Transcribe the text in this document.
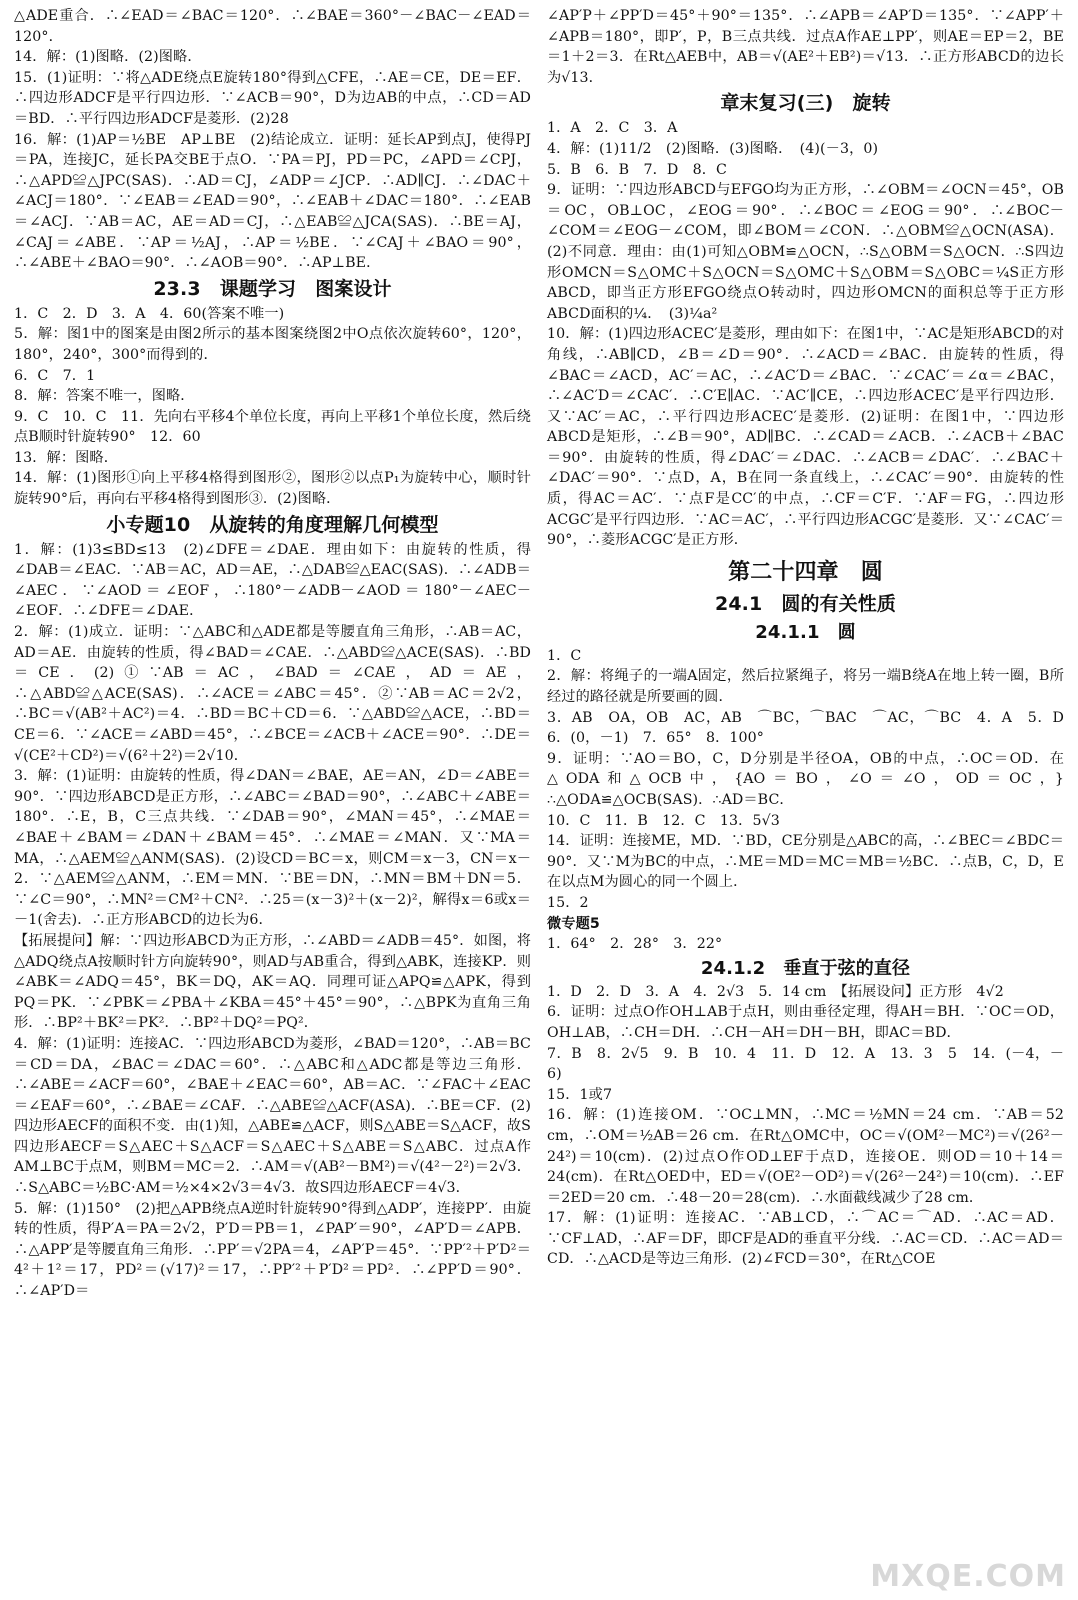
△ADE重合．∴∠EAD＝∠BAC＝120°．∴∠BAE＝360°－∠BAC－∠EAD＝120°．

14．解：(1)图略．(2)图略．

15．(1)证明：∵将△ADE绕点E旋转180°得到△CFE，∴AE＝CE，DE＝EF．∴四边形ADCF是平行四边形．∵∠ACB＝90°，D为边AB的中点，∴CD＝AD＝BD．∴平行四边形ADCF是菱形．(2)28

16．解：(1)AP＝½BE　AP⊥BE　(2)结论成立．证明：延长AP到点J，使得PJ＝PA，连接JC，延长PA交BE于点O．∵PA＝PJ，PD＝PC，∠APD＝∠CPJ，∴△APD≌△JPC(SAS)．∴AD＝CJ，∠ADP＝∠JCP．∴AD∥CJ．∴∠DAC＋∠ACJ＝180°．∵∠EAB＝∠EAD＝90°，∴∠EAB＋∠DAC＝180°．∴∠EAB＝∠ACJ．∵AB＝AC，AE＝AD＝CJ，∴△EAB≌△JCA(SAS)．∴BE＝AJ，∠CAJ＝∠ABE．∵AP＝½AJ，∴AP＝½BE．∵∠CAJ＋∠BAO＝90°，∴∠ABE＋∠BAO＝90°．∴∠AOB＝90°．∴AP⊥BE．

23.3　课题学习　图案设计

1．C　2．D　3．A　4．60(答案不唯一)

5．解：图1中的图案是由图2所示的基本图案绕图2中O点依次旋转60°，120°，180°，240°，300°而得到的．

6．C　7．1

8．解：答案不唯一，图略．

9．C　10．C　11．先向右平移4个单位长度，再向上平移1个单位长度，然后绕点B顺时针旋转90°　12．60

13．解：图略．

14．解：(1)图形①向上平移4格得到图形②，图形②以点P₁为旋转中心，顺时针旋转90°后，再向右平移4格得到图形③．(2)图略．

小专题10　从旋转的角度理解几何模型

1．解：(1)3≤BD≤13　(2)∠DFE＝∠DAE．理由如下：由旋转的性质，得∠DAB＝∠EAC．∵AB＝AC，AD＝AE，∴△DAB≌△EAC(SAS)．∴∠ADB＝∠AEC．∵∠AOD＝∠EOF，∴180°－∠ADB－∠AOD＝180°－∠AEC－∠EOF．∴∠DFE＝∠DAE．

2．解：(1)成立．证明：∵△ABC和△ADE都是等腰直角三角形，∴AB＝AC，AD＝AE．由旋转的性质，得∠BAD＝∠CAE．∴△ABD≌△ACE(SAS)．∴BD＝CE．(2)①∵AB＝AC，∠BAD＝∠CAE，AD＝AE，∴△ABD≌△ACE(SAS)．∴∠ACE＝∠ABC＝45°．②∵AB＝AC＝2√2，∴BC＝√(AB²＋AC²)＝4．∴BD＝BC＋CD＝6．∵△ABD≌△ACE，∴BD＝CE＝6．∵∠ACE＝∠ABD＝45°，∴∠BCE＝∠ACB＋∠ACE＝90°．∴DE＝√(CE²＋CD²)＝√(6²＋2²)＝2√10．

3．解：(1)证明：由旋转的性质，得∠DAN＝∠BAE，AE＝AN，∠D＝∠ABE＝90°．∵四边形ABCD是正方形，∴∠ABC＝∠BAD＝90°，∴∠ABC＋∠ABE＝180°．∴E，B，C三点共线．∵∠DAB＝90°，∠MAN＝45°，∴∠MAE＝∠BAE＋∠BAM＝∠DAN＋∠BAM＝45°．∴∠MAE＝∠MAN．又∵MA＝MA，∴△AEM≌△ANM(SAS)．(2)设CD＝BC＝x，则CM＝x－3，CN＝x－2．∵△AEM≌△ANM，∴EM＝MN．∵BE＝DN，∴MN＝BM＋DN＝5．∵∠C＝90°，∴MN²＝CM²＋CN²．∴25＝(x－3)²＋(x－2)²，解得x＝6或x＝－1(舍去)．∴正方形ABCD的边长为6．

【拓展提问】解：∵四边形ABCD为正方形，∴∠ABD＝∠ADB＝45°．如图，将△ADQ绕点A按顺时针方向旋转90°，则AD与AB重合，得到△ABK，连接KP．则∠ABK＝∠ADQ＝45°，BK＝DQ，AK＝AQ．同理可证△APQ≌△APK，得到PQ＝PK．∵∠PBK＝∠PBA＋∠KBA＝45°＋45°＝90°，∴△BPK为直角三角形．∴BP²＋BK²＝PK²．∴BP²＋DQ²＝PQ²．

4．解：(1)证明：连接AC．∵四边形ABCD为菱形，∠BAD＝120°，∴AB＝BC＝CD＝DA，∠BAC＝∠DAC＝60°．∴△ABC和△ADC都是等边三角形．∴∠ABE＝∠ACF＝60°，∠BAE＋∠EAC＝60°，AB＝AC．∵∠FAC＋∠EAC＝∠EAF＝60°，∴∠BAE＝∠CAF．∴△ABE≌△ACF(ASA)．∴BE＝CF．(2)四边形AECF的面积不变．由(1)知，△ABE≌△ACF，则S△ABE＝S△ACF，故S四边形AECF＝S△AEC＋S△ACF＝S△AEC＋S△ABE＝S△ABC．过点A作AM⊥BC于点M，则BM＝MC＝2．∴AM＝√(AB²－BM²)＝√(4²－2²)＝2√3．∴S△ABC＝½BC·AM＝½×4×2√3＝4√3．故S四边形AECF＝4√3．

5．解：(1)150°　(2)把△APB绕点A逆时针旋转90°得到△ADP′，连接PP′．由旋转的性质，得P′A＝PA＝2√2，P′D＝PB＝1，∠PAP′＝90°，∠AP′D＝∠APB．∴△APP′是等腰直角三角形．∴PP′＝√2PA＝4，∠AP′P＝45°．∵PP′²＋P′D²＝4²＋1²＝17，PD²＝(√17)²＝17，∴PP′²＋P′D²＝PD²．∴∠PP′D＝90°．∴∠AP′D＝

∠AP′P＋∠PP′D＝45°＋90°＝135°．∴∠APB＝∠AP′D＝135°．∵∠APP′＋∠APB＝180°，即P′，P，B三点共线．过点A作AE⊥PP′，则AE＝EP＝2，BE＝1＋2＝3．在Rt△AEB中，AB＝√(AE²＋EB²)＝√13．∴正方形ABCD的边长为√13．

章末复习(三)　旋转

1．A　2．C　3．A

4．解：(1)11/2　(2)图略．(3)图略．　(4)(－3，0)

5．B　6．B　7．D　8．C

9．证明：∵四边形ABCD与EFGO均为正方形，∴∠OBM＝∠OCN＝45°，OB＝OC，OB⊥OC，∠EOG＝90°．∴∠BOC＝∠EOG＝90°．∴∠BOC－∠COM＝∠EOG－∠COM，即∠BOM＝∠CON．∴△OBM≌△OCN(ASA)．(2)不同意．理由：由(1)可知△OBM≌△OCN，∴S△OBM＝S△OCN．∴S四边形OMCN＝S△OMC＋S△OCN＝S△OMC＋S△OBM＝S△OBC＝¼S正方形ABCD，即当正方形EFGO绕点O转动时，四边形OMCN的面积总等于正方形ABCD面积的¼．　(3)¼a²

10．解：(1)四边形ACEC′是菱形，理由如下：在图1中，∵AC是矩形ABCD的对角线，∴AB∥CD，∠B＝∠D＝90°．∴∠ACD＝∠BAC．由旋转的性质，得∠BAC＝∠ACD，AC′＝AC，∴∠AC′D＝∠BAC．∵∠CAC′＝∠α＝∠BAC，∴∠AC′D＝∠CAC′．∴C′E∥AC．∵AC′∥CE，∴四边形ACEC′是平行四边形．又∵AC′＝AC，∴平行四边形ACEC′是菱形．(2)证明：在图1中，∵四边形ABCD是矩形，∴∠B＝90°，AD∥BC．∴∠CAD＝∠ACB．∴∠ACB＋∠BAC＝90°．由旋转的性质，得∠DAC′＝∠DAC．∴∠ACB＝∠DAC′．∴∠BAC＋∠DAC′＝90°．∵点D，A，B在同一条直线上，∴∠CAC′＝90°．由旋转的性质，得AC＝AC′．∵点F是CC′的中点，∴CF＝C′F．∵AF＝FG，∴四边形ACGC′是平行四边形．∵AC＝AC′，∴平行四边形ACGC′是菱形．又∵∠CAC′＝90°，∴菱形ACGC′是正方形．

第二十四章　圆
24.1　圆的有关性质
24.1.1　圆

1．C

2．解：将绳子的一端A固定，然后拉紧绳子，将另一端B绕A在地上转一圈，B所经过的路径就是所要画的圆．

3．AB　OA，OB　AC，AB　⌒BC，⌒BAC　⌒AC，⌒BC　4．A　5．D　6．(0，－1)　7．65°　8．100°

9．证明：∵AO＝BO，C，D分别是半径OA，OB的中点，∴OC＝OD．在△ODA和△OCB中，{AO＝BO，∠O＝∠O，OD＝OC，}∴△ODA≌△OCB(SAS)．∴AD＝BC．

10．C　11．B　12．C　13．5√3

14．证明：连接ME，MD．∵BD，CE分别是△ABC的高，∴∠BEC＝∠BDC＝90°．又∵M为BC的中点，∴ME＝MD＝MC＝MB＝½BC．∴点B，C，D，E在以点M为圆心的同一个圆上．

15．2

微专题5

1．64°　2．28°　3．22°

24.1.2　垂直于弦的直径

1．D　2．D　3．A　4．2√3　5．14 cm　【拓展设问】正方形　4√2

6．证明：过点O作OH⊥AB于点H，则由垂径定理，得AH＝BH．∵OC＝OD，OH⊥AB，∴CH＝DH．∴CH－AH＝DH－BH，即AC＝BD．

7．B　8．2√5　9．B　10．4　11．D　12．A　13．3　5　14．(－4，－6)

15．1或7

16．解：(1)连接OM．∵OC⊥MN，∴MC＝½MN＝24 cm．∵AB＝52 cm，∴OM＝½AB＝26 cm．在Rt△OMC中，OC＝√(OM²－MC²)＝√(26²－24²)＝10(cm)．(2)过点O作OD⊥EF于点D，连接OE．则OD＝10＋14＝24(cm)．在Rt△OED中，ED＝√(OE²－OD²)＝√(26²－24²)＝10(cm)．∴EF＝2ED＝20 cm．∴48－20＝28(cm)．∴水面截线减少了28 cm．

17．解：(1)证明：连接AC．∵AB⊥CD，∴⌒AC＝⌒AD．∴AC＝AD．∵CF⊥AD，∴AF＝DF，即CF是AD的垂直平分线．∴AC＝CD．∴AC＝AD＝CD．∴△ACD是等边三角形．(2)∠FCD＝30°，在Rt△COE

MXQE.COM
